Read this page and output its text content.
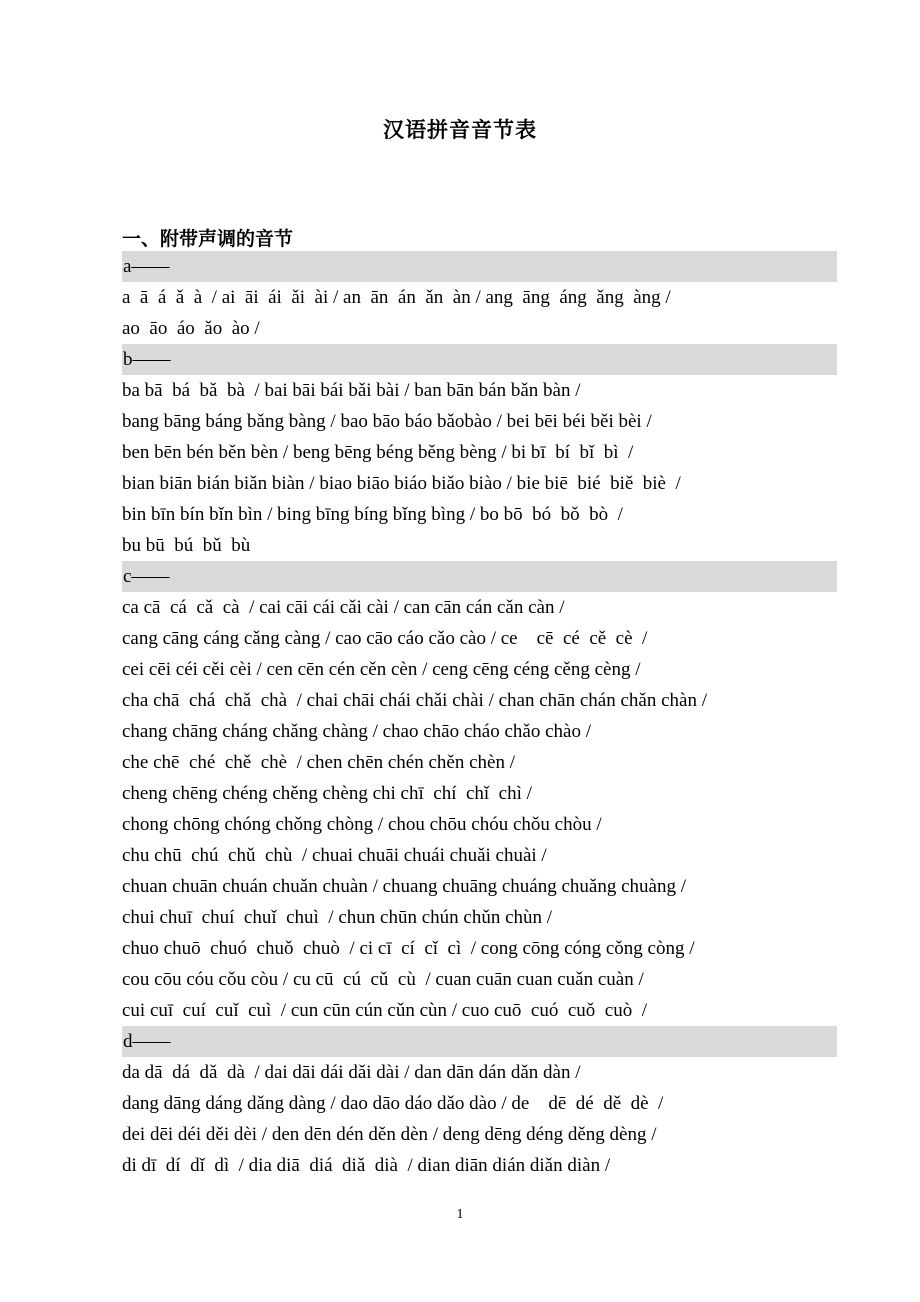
汉语拼音音节表
一、附带声调的音节
a——
a  ā  á  ǎ  à  / ai  āi  ái  ǎi  ài / an  ān  án  ǎn  àn / ang  āng  áng  ǎng  àng /
ao  āo  áo  ǎo  ào /
b——
ba bā  bá  bǎ  bà  / bai bāi bái bǎi bài / ban bān bán bǎn bàn /
bang bāng báng bǎng bàng / bao bāo báo bǎobào / bei bēi béi běi bèi /
ben bēn bén běn bèn / beng bēng béng běng bèng / bi bī  bí  bǐ  bì  /
bian biān bián biǎn biàn / biao biāo biáo biǎo biào / bie biē  bié  biě  biè  /
bin bīn bín bǐn bìn / bing bīng bíng bǐng bìng / bo bō  bó  bǒ  bò  /
bu bū  bú  bǔ  bù
c——
ca cā  cá  cǎ  cà  / cai cāi cái cǎi cài / can cān cán cǎn càn /
cang cāng cáng cǎng càng / cao cāo cáo cǎo cào / ce    cē  cé  cě  cè  /
cei cēi céi cěi cèi / cen cēn cén cěn cèn / ceng cēng céng cěng cèng /
cha chā  chá  chǎ  chà  / chai chāi chái chǎi chài / chan chān chán chǎn chàn /
chang chāng cháng chǎng chàng / chao chāo cháo chǎo chào /
che chē  ché  chě  chè  / chen chēn chén chěn chèn /
cheng chēng chéng chěng chèng chi chī  chí  chǐ  chì /
chong chōng chóng chǒng chòng / chou chōu chóu chǒu chòu /
chu chū  chú  chǔ  chù  / chuai chuāi chuái chuǎi chuài /
chuan chuān chuán chuǎn chuàn / chuang chuāng chuáng chuǎng chuàng /
chui chuī  chuí  chuǐ  chuì  / chun chūn chún chǔn chùn /
chuo chuō  chuó  chuǒ  chuò  / ci cī  cí  cǐ  cì  / cong cōng cóng cǒng còng /
cou cōu cóu cǒu còu / cu cū  cú  cǔ  cù  / cuan cuān cuan cuǎn cuàn /
cui cuī  cuí  cuǐ  cuì  / cun cūn cún cǔn cùn / cuo cuō  cuó  cuǒ  cuò  /
d——
da dā  dá  dǎ  dà  / dai dāi dái dǎi dài / dan dān dán dǎn dàn /
dang dāng dáng dǎng dàng / dao dāo dáo dǎo dào / de    dē  dé  dě  dè  /
dei dēi déi děi dèi / den dēn dén děn dèn / deng dēng déng děng dèng /
di dī  dí  dǐ  dì  / dia diā  diá  diǎ  dià  / dian diān dián diǎn diàn /
1
